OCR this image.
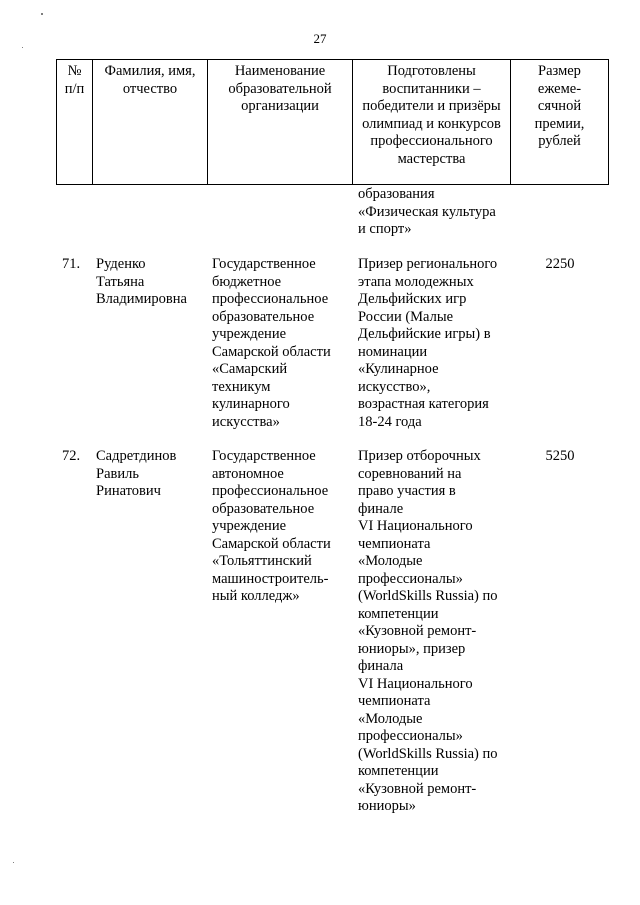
27
№
п/п
Фамилия, имя,
отчество
Наименование
образовательной
организации
Подготовлены
воспитанники –
победители и призёры
олимпиад и конкурсов
профессионального
мастерства
Размер
ежеме-
сячной
премии,
рублей
образования
«Физическая культура
и спорт»
71.	Руденко
Татьяна
Владимировна
Государственное
бюджетное
профессиональное
образовательное
учреждение
Самарской области
«Самарский
техникум
кулинарного
искусства»
Призер регионального
этапа молодежных
Дельфийских игр
России (Малые
Дельфийские игры) в
номинации
«Кулинарное
искусство»,
возрастная категория
18-24 года
2250
72.	Садретдинов
Равиль
Ринатович
Государственное
автономное
профессиональное
образовательное
учреждение
Самарской области
«Тольяттинский
машиностроитель-
ный колледж»
Призер отборочных
соревнований на
право участия в
финале
VI Национального
чемпионата
«Молодые
профессионалы»
(WorldSkills Russia) по
компетенции
«Кузовной ремонт-
юниоры», призер
финала
VI Национального
чемпионата
«Молодые
профессионалы»
(WorldSkills Russia) по
компетенции
«Кузовной ремонт-
юниоры»
5250
